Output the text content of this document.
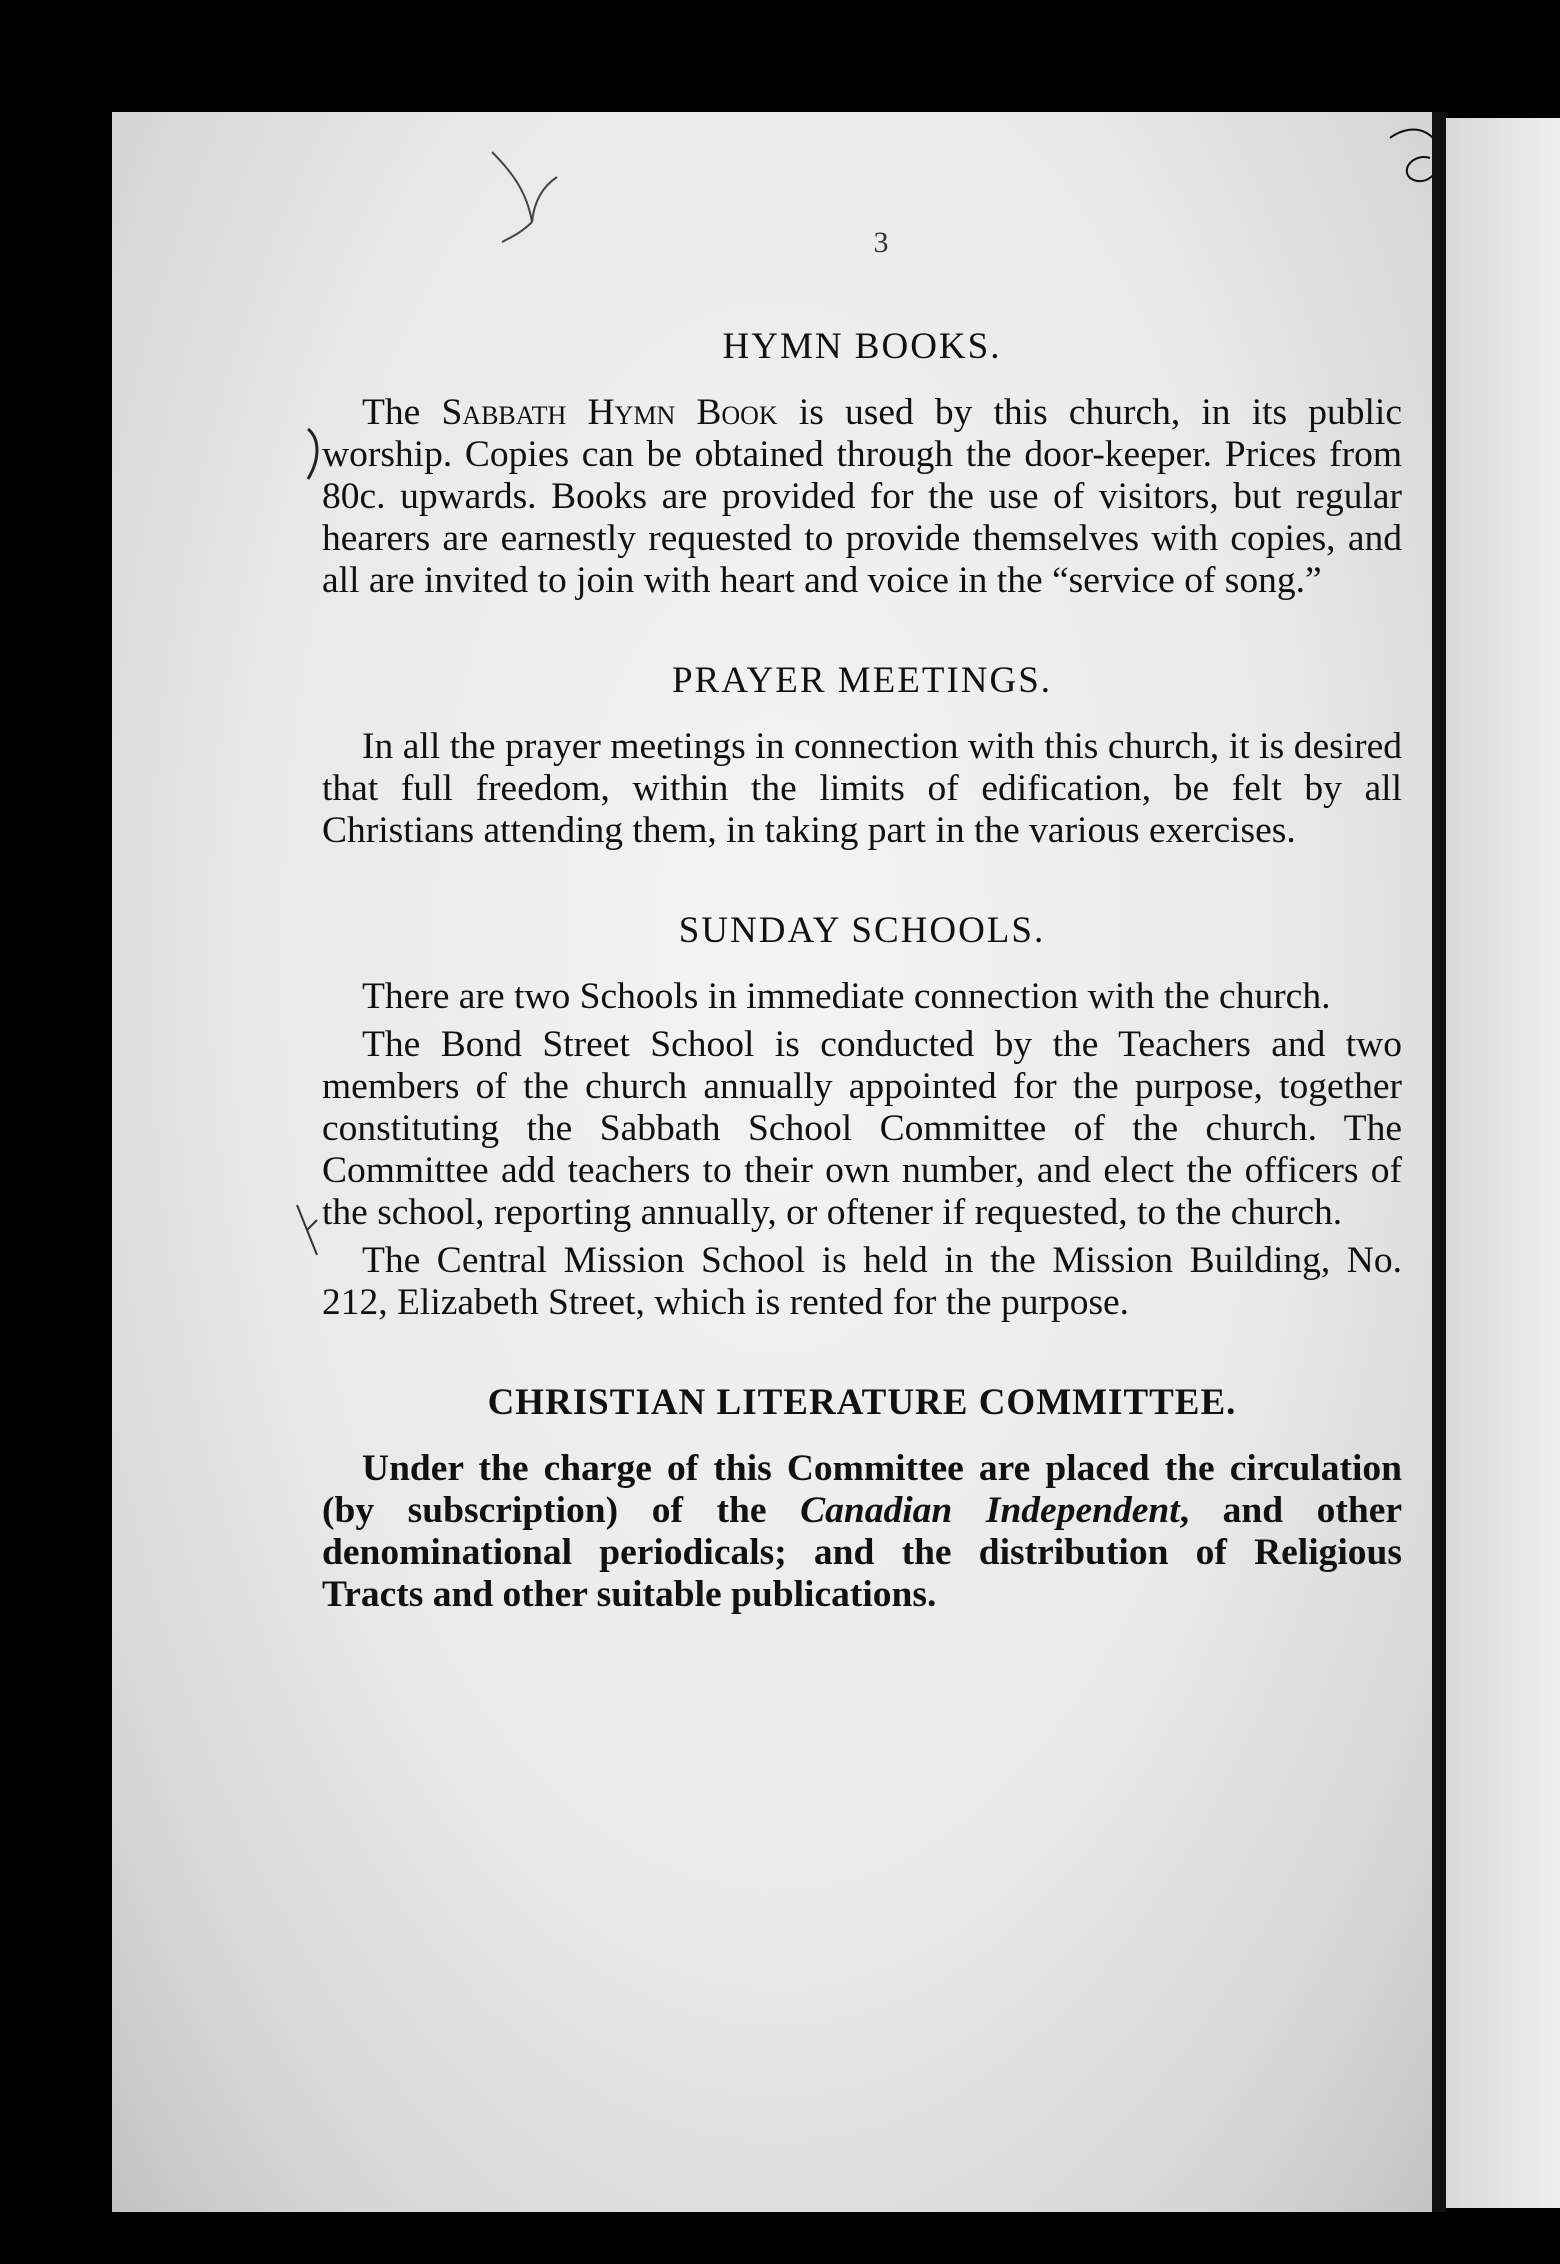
3
HYMN BOOKS.

The Sabbath Hymn Book is used by this church, in its public worship. Copies can be obtained through the door-keeper. Prices from 80c. upwards. Books are provided for the use of visitors, but regular hearers are earnestly requested to provide themselves with copies, and all are invited to join with heart and voice in the “service of song.”

PRAYER MEETINGS.

In all the prayer meetings in connection with this church, it is desired that full freedom, within the limits of edification, be felt by all Christians attending them, in taking part in the various exercises.

SUNDAY SCHOOLS.

There are two Schools in immediate connection with the church.

The Bond Street School is conducted by the Teachers and two members of the church annually appointed for the purpose, together constituting the Sabbath School Committee of the church. The Committee add teachers to their own number, and elect the officers of the school, reporting annually, or oftener if requested, to the church.

The Central Mission School is held in the Mission Building, No. 212, Elizabeth Street, which is rented for the purpose.

CHRISTIAN LITERATURE COMMITTEE.

Under the charge of this Committee are placed the circulation (by subscription) of the Canadian Independent, and other denominational periodicals; and the distribution of Religious Tracts and other suitable publications.
